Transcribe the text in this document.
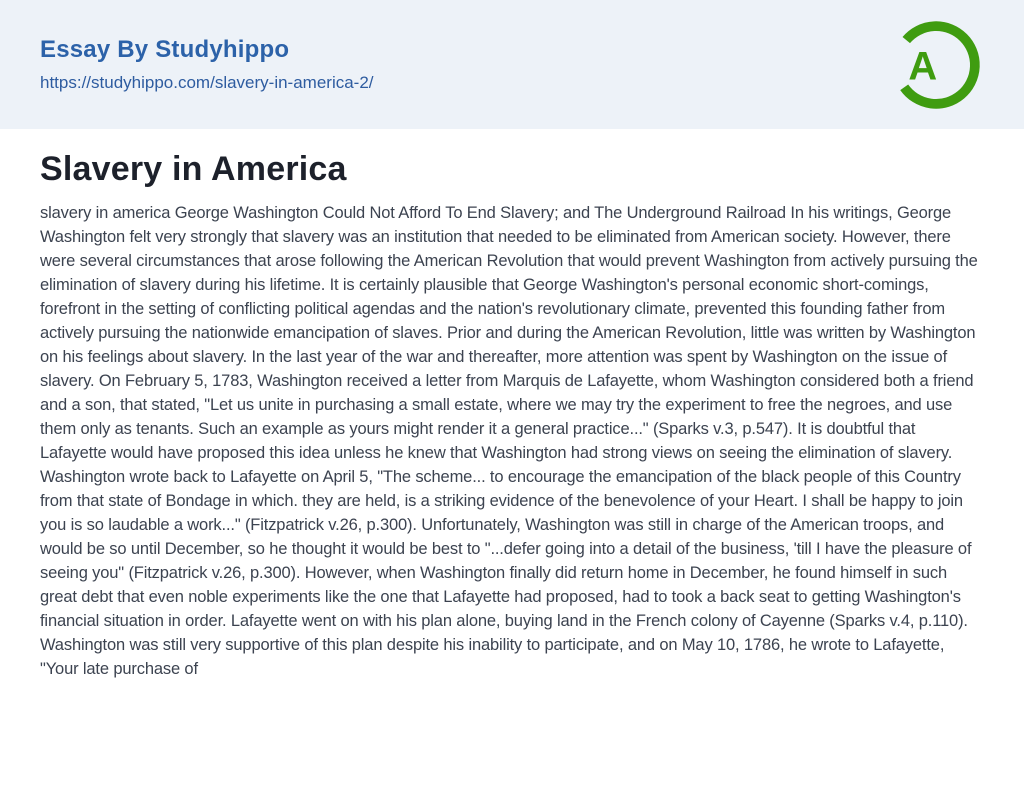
Essay By Studyhippo
https://studyhippo.com/slavery-in-america-2/	A
Slavery in America

slavery in america George Washington Could Not Afford To End Slavery; and The Underground Railroad In his writings, George Washington felt very strongly that slavery was an institution that needed to be eliminated from American society. However, there were several circumstances that arose following the American Revolution that would prevent Washington from actively pursuing the elimination of slavery during his lifetime. It is certainly plausible that George Washington's personal economic short-comings, forefront in the setting of conflicting political agendas and the nation's revolutionary climate, prevented this founding father from actively pursuing the nationwide emancipation of slaves. Prior and during the American Revolution, little was written by Washington on his feelings about slavery. In the last year of the war and thereafter, more attention was spent by Washington on the issue of slavery. On February 5, 1783, Washington received a letter from Marquis de Lafayette, whom Washington considered both a friend and a son, that stated, "Let us unite in purchasing a small estate, where we may try the experiment to free the negroes, and use them only as tenants. Such an example as yours might render it a general practice..." (Sparks v.3, p.547). It is doubtful that Lafayette would have proposed this idea unless he knew that Washington had strong views on seeing the elimination of slavery. Washington wrote back to Lafayette on April 5, "The scheme... to encourage the emancipation of the black people of this Country from that state of Bondage in which. they are held, is a striking evidence of the benevolence of your Heart. I shall be happy to join you is so laudable a work..." (Fitzpatrick v.26, p.300). Unfortunately, Washington was still in charge of the American troops, and would be so until December, so he thought it would be best to "...defer going into a detail of the business, 'till I have the pleasure of seeing you" (Fitzpatrick v.26, p.300). However, when Washington finally did return home in December, he found himself in such great debt that even noble experiments like the one that Lafayette had proposed, had to took a back seat to getting Washington's financial situation in order. Lafayette went on with his plan alone, buying land in the French colony of Cayenne (Sparks v.4, p.110). Washington was still very supportive of this plan despite his inability to participate, and on May 10, 1786, he wrote to Lafayette, "Your late purchase of
